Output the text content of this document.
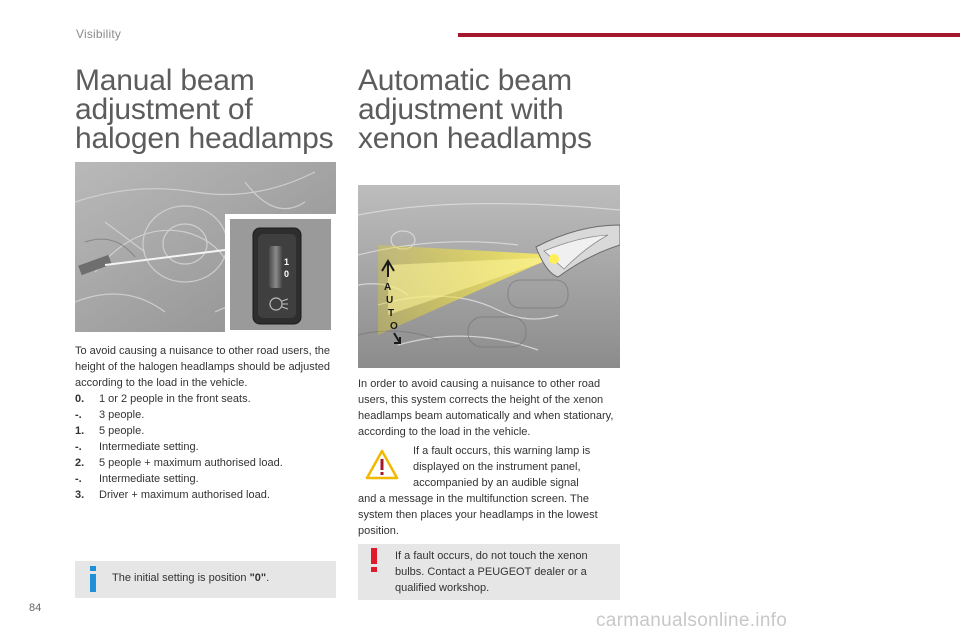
Visibility
Manual beam
adjustment of
halogen headlamps
1
0
To avoid causing a nuisance to other road users, the height of the halogen headlamps should be adjusted according to the load in the vehicle.
0.	1 or 2 people in the front seats.
-.	3 people.
1.	5 people.
-.	Intermediate setting.
2.	5 people + maximum authorised load.
-.	Intermediate setting.
3.	Driver + maximum authorised load.
The initial setting is position "0".
Automatic beam
adjustment with
xenon headlamps
A
U
T
O
In order to avoid causing a nuisance to other road users, this system corrects the height of the xenon headlamps beam automatically and when stationary, according to the load in the vehicle.
If a fault occurs, this warning lamp is displayed on the instrument panel, accompanied by an audible signal
and a message in the multifunction screen. The system then places your headlamps in the lowest position.
If a fault occurs, do not touch the xenon bulbs. Contact a PEUGEOT dealer or a qualified workshop.
84
carmanualsonline.info
